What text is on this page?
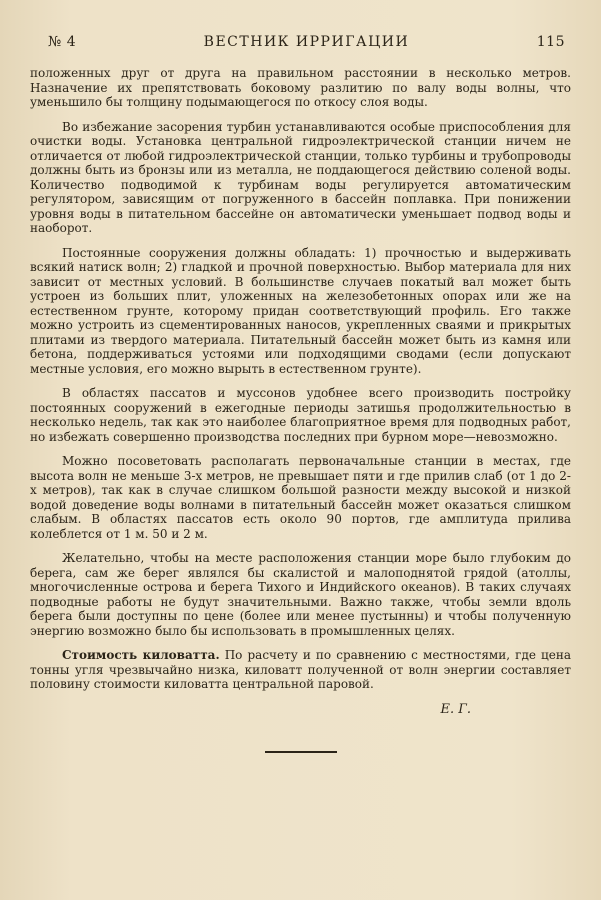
№ 4	ВЕСТНИК ИРРИГАЦИИ	115

положенных друг от друга на правильном расстоянии в несколько метров. Назначение их препятствовать боковому разлитию по валу воды волны, что уменьшило бы толщину подымающегося по откосу слоя воды.

Во избежание засорения турбин устанавливаются особые приспособления для очистки воды. Установка центральной гидроэлектрической станции ничем не отличается от любой гидроэлектрической станции, только турбины и трубопроводы должны быть из бронзы или из металла, не поддающегося действию соленой воды. Количество подводимой к турбинам воды регулируется автоматическим регулятором, зависящим от погруженного в бассейн поплавка. При понижении уровня воды в питательном бассейне он автоматически уменьшает подвод воды и наоборот.

Постоянные сооружения должны обладать: 1) прочностью и выдерживать всякий натиск волн; 2) гладкой и прочной поверхностью. Выбор материала для них зависит от местных условий. В большинстве случаев покатый вал может быть устроен из больших плит, уложенных на железобетонных опорах или же на естественном грунте, которому придан соответствующий профиль. Его также можно устроить из сцементированных наносов, укрепленных сваями и прикрытых плитами из твердого материала. Питательный бассейн может быть из камня или бетона, поддерживаться устоями или подходящими сводами (если допускают местные условия, его можно вырыть в естественном грунте).

В областях пассатов и муссонов удобнее всего производить постройку постоянных сооружений в ежегодные периоды затишья продолжительностью в несколько недель, так как это наиболее благоприятное время для подводных работ, но избежать совершенно производства последних при бурном море—невозможно.

Можно посоветовать располагать первоначальные станции в местах, где высота волн не меньше 3-х метров, не превышает пяти и где прилив слаб (от 1 до 2-х метров), так как в случае слишком большой разности между высокой и низкой водой доведение воды волнами в питательный бассейн может оказаться слишком слабым. В областях пассатов есть около 90 портов, где амплитуда прилива колеблется от 1 м. 50 и 2 м.

Желательно, чтобы на месте расположения станции море было глубоким до берега, сам же берег являлся бы скалистой и малоподнятой грядой (атоллы, многочисленные острова и берега Тихого и Индийского океанов). В таких случаях подводные работы не будут значительными. Важно также, чтобы земли вдоль берега были доступны по цене (более или менее пустынны) и чтобы полученную энергию возможно было бы использовать в промышленных целях.

Стоимость киловатта. По расчету и по сравнению с местностями, где цена тонны угля чрезвычайно низка, киловатт полученной от волн энергии составляет половину стоимости киловатта центральной паровой.

Е. Г.
